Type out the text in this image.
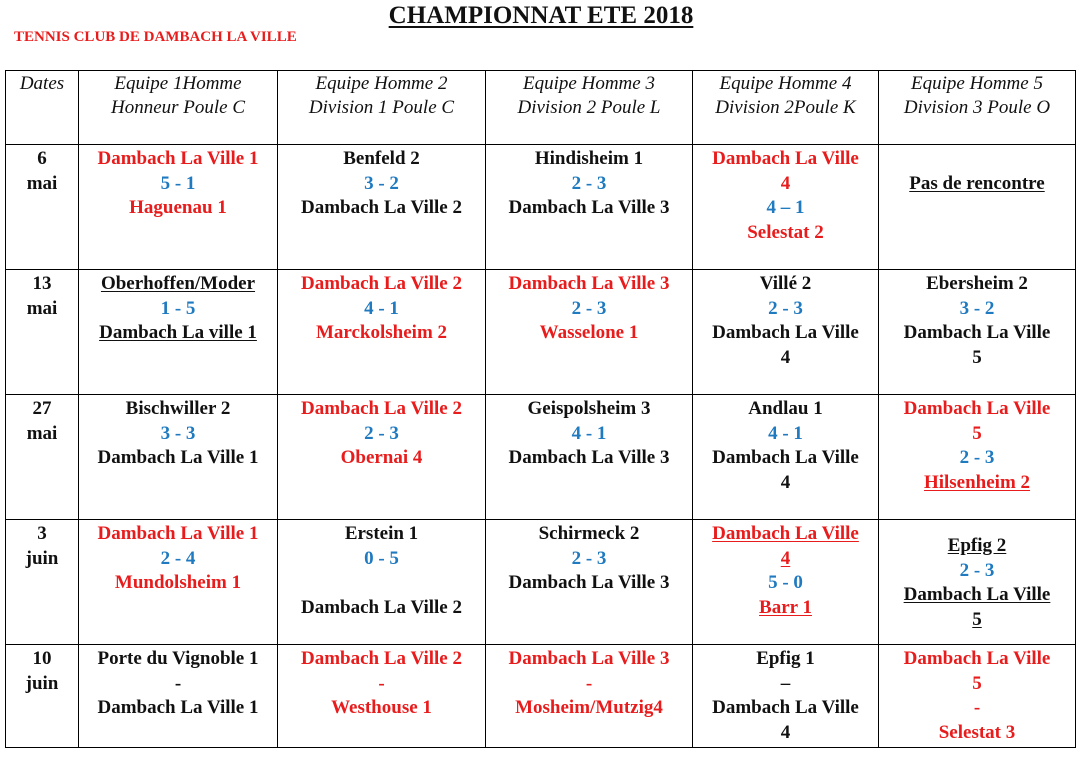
CHAMPIONNAT ETE 2018
TENNIS CLUB DE DAMBACH LA VILLE
Dates	Equipe 1Homme
Honneur Poule C	Equipe Homme 2
Division 1 Poule C	Equipe Homme 3
Division 2 Poule L	Equipe Homme 4
Division 2Poule K	Equipe Homme 5
Division 3 Poule O

6
mai	Dambach La Ville 1
5 - 1
Haguenau 1	Benfeld 2
3 - 2
Dambach La Ville 2	Hindisheim 1
2 - 3
Dambach La Ville 3	Dambach La Ville
4
4 – 1
Selestat 2	Pas de rencontre

13
mai	Oberhoffen/Moder
1 - 5
Dambach La ville 1	Dambach La Ville 2
4 - 1
Marckolsheim 2	Dambach La Ville 3
2 - 3
Wasselone 1	Villé 2
2 - 3
Dambach La Ville
4	Ebersheim 2
3 - 2
Dambach La Ville
5

27
mai	Bischwiller 2
3 - 3
Dambach La Ville 1	Dambach La Ville 2
2 - 3
Obernai 4	Geispolsheim 3
4 - 1
Dambach La Ville 3	Andlau 1
4 - 1
Dambach La Ville
4	Dambach La Ville
5
2 - 3
Hilsenheim 2

3
juin	Dambach La Ville 1
2 - 4
Mundolsheim 1	Erstein 1
0 - 5
Dambach La Ville 2	Schirmeck 2
2 - 3
Dambach La Ville 3	Dambach La Ville
4
5 - 0
Barr 1	Epfig 2
2 - 3
Dambach La Ville
5

10
juin	Porte du Vignoble 1
-
Dambach La Ville 1	Dambach La Ville 2
-
Westhouse 1	Dambach La Ville 3
-
Mosheim/Mutzig4	Epfig 1
–
Dambach La Ville
4	Dambach La Ville
5
-
Selestat 3
